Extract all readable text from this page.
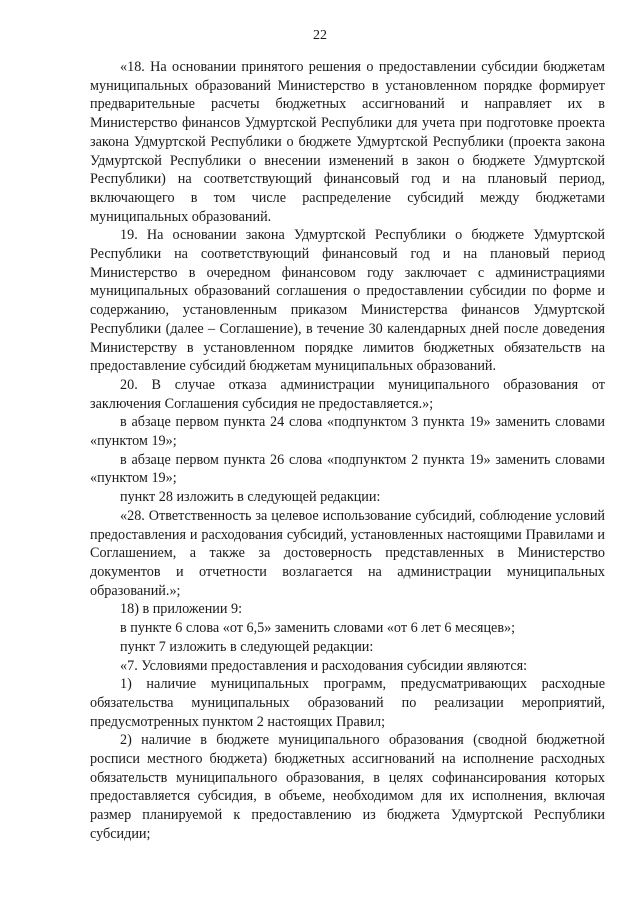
22

«18. На основании принятого решения о предоставлении субсидии бюджетам муниципальных образований Министерство в установленном порядке формирует предварительные расчеты бюджетных ассигнований и направляет их в Министерство финансов Удмуртской Республики для учета при подготовке проекта закона Удмуртской Республики о бюджете Удмуртской Республики (проекта закона Удмуртской Республики о внесении изменений в закон о бюджете Удмуртской Республики) на соответствующий финансовый год и на плановый период, включающего в том числе распределение субсидий между бюджетами муниципальных образований.

19. На основании закона Удмуртской Республики о бюджете Удмуртской Республики на соответствующий финансовый год и на плановый период Министерство в очередном финансовом году заключает с администрациями муниципальных образований соглашения о предоставлении субсидии по форме и содержанию, установленным приказом Министерства финансов Удмуртской Республики (далее – Соглашение), в течение 30 календарных дней после доведения Министерству в установленном порядке лимитов бюджетных обязательств на предоставление субсидий бюджетам муниципальных образований.

20. В случае отказа администрации муниципального образования от заключения Соглашения субсидия не предоставляется.»;

в абзаце первом пункта 24 слова «подпунктом 3 пункта 19» заменить словами «пунктом 19»;

в абзаце первом пункта 26 слова «подпунктом 2 пункта 19» заменить словами «пунктом 19»;

пункт 28 изложить в следующей редакции:

«28. Ответственность за целевое использование субсидий, соблюдение условий предоставления и расходования субсидий, установленных настоящими Правилами и Соглашением, а также за достоверность представленных в Министерство документов и отчетности возлагается на администрации муниципальных образований.»;

18) в приложении 9:

в пункте 6 слова «от 6,5» заменить словами «от 6 лет 6 месяцев»;

пункт 7 изложить в следующей редакции:

«7. Условиями предоставления и расходования субсидии являются:

1) наличие муниципальных программ, предусматривающих расходные обязательства муниципальных образований по реализации мероприятий, предусмотренных пунктом 2 настоящих Правил;

2) наличие в бюджете муниципального образования (сводной бюджетной росписи местного бюджета) бюджетных ассигнований на исполнение расходных обязательств муниципального образования, в целях софинансирования которых предоставляется субсидия, в объеме, необходимом для их исполнения, включая размер планируемой к предоставлению из бюджета Удмуртской Республики субсидии;
